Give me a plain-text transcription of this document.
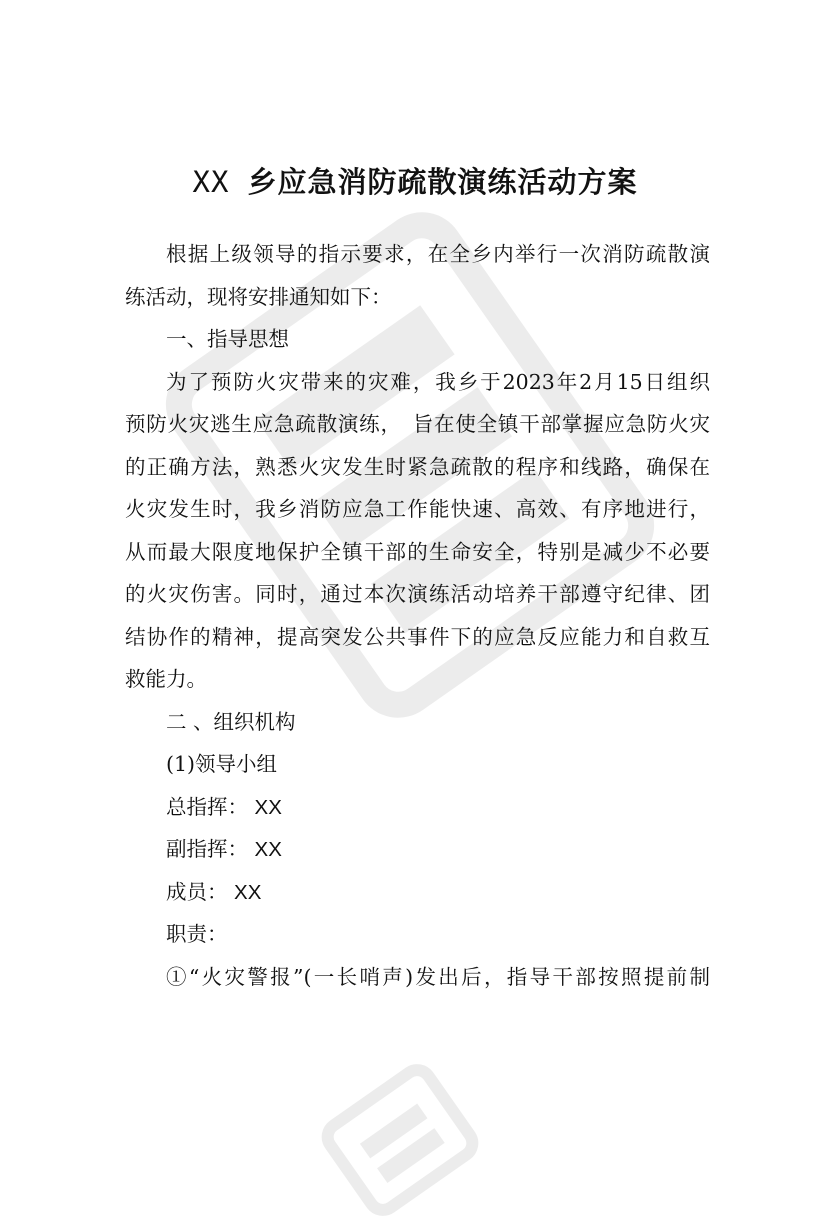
XX 乡应急消防疏散演练活动方案
根据上级领导的指示要求，在全乡内举行一次消防疏散演
练活动，现将安排通知如下：
一、指导思想
为了预防火灾带来的灾难，我乡于2023年2月15日组织
预防火灾逃生应急疏散演练，　旨在使全镇干部掌握应急防火灾
的正确方法，熟悉火灾发生时紧急疏散的程序和线路，确保在
火灾发生时，我乡消防应急工作能快速、高效、有序地进行，
从而最大限度地保护全镇干部的生命安全，特别是减少不必要
的火灾伤害。同时，通过本次演练活动培养干部遵守纪律、团
结协作的精神，提高突发公共事件下的应急反应能力和自救互
救能力。
二 、组织机构
(1)领导小组
总指挥： XX
副指挥： XX
成员： XX
职责：
①“火灾警报”(一长哨声)发出后，指导干部按照提前制
